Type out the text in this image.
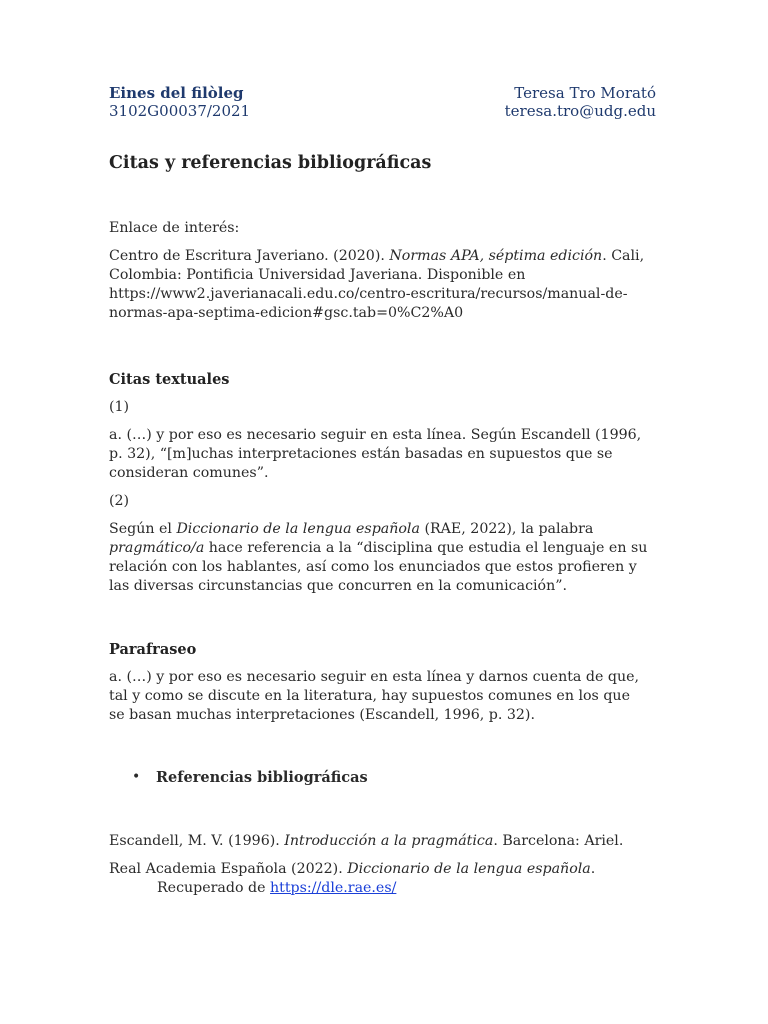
Eines del filòleg
3102G00037/2021
Teresa Tro Morató
teresa.tro@udg.edu
Citas y referencias bibliográficas

Enlace de interés:

Centro de Escritura Javeriano. (2020). Normas APA, séptima edición. Cali, Colombia: Pontificia Universidad Javeriana. Disponible en https://www2.javerianacali.edu.co/centro-escritura/recursos/manual-de-normas-apa-septima-edicion#gsc.tab=0%C2%A0

Citas textuales

(1)

a. (…) y por eso es necesario seguir en esta línea. Según Escandell (1996, p. 32), “[m]uchas interpretaciones están basadas en supuestos que se consideran comunes”.

(2)

Según el Diccionario de la lengua española (RAE, 2022), la palabra pragmático/a hace referencia a la “disciplina que estudia el lenguaje en su relación con los hablantes, así como los enunciados que estos profieren y las diversas circunstancias que concurren en la comunicación”.

Parafraseo

a. (…) y por eso es necesario seguir en esta línea y darnos cuenta de que, tal y como se discute en la literatura, hay supuestos comunes en los que se basan muchas interpretaciones (Escandell, 1996, p. 32).

• Referencias bibliográficas

Escandell, M. V. (1996). Introducción a la pragmática. Barcelona: Ariel.

Real Academia Española (2022). Diccionario de la lengua española. Recuperado de https://dle.rae.es/
